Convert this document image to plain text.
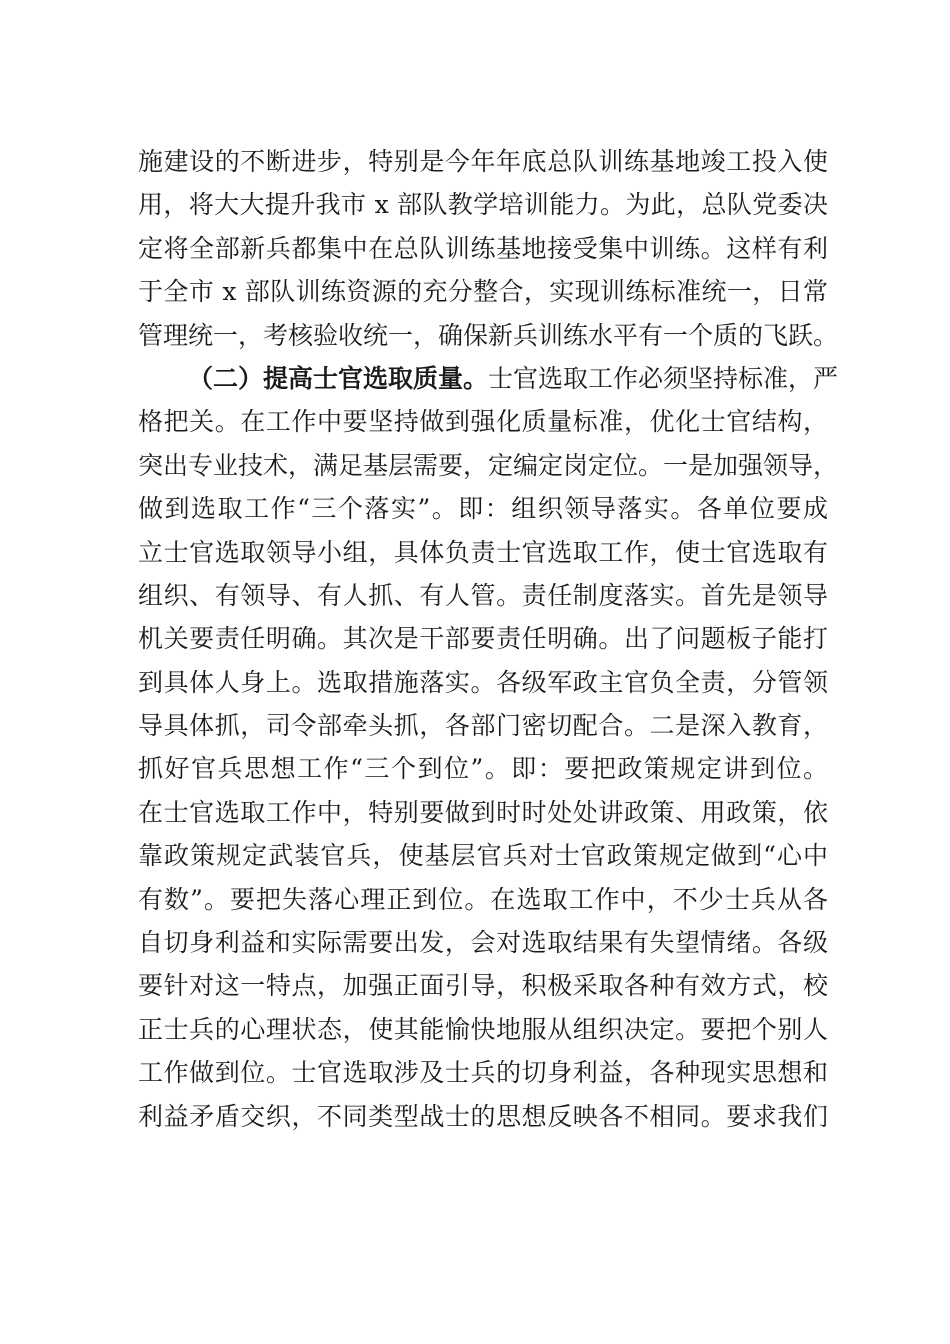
施建设的不断进步，特别是今年年底总队训练基地竣工投入使
用，将大大提升我市 x 部队教学培训能力。为此，总队党委决
定将全部新兵都集中在总队训练基地接受集中训练。这样有利
于全市 x 部队训练资源的充分整合，实现训练标准统一，日常
管理统一，考核验收统一，确保新兵训练水平有一个质的飞跃。
（二）提高士官选取质量。士官选取工作必须坚持标准，严
格把关。在工作中要坚持做到强化质量标准，优化士官结构，
突出专业技术，满足基层需要，定编定岗定位。一是加强领导，
做到选取工作“三个落实”。即：组织领导落实。各单位要成
立士官选取领导小组，具体负责士官选取工作，使士官选取有
组织、有领导、有人抓、有人管。责任制度落实。首先是领导
机关要责任明确。其次是干部要责任明确。出了问题板子能打
到具体人身上。选取措施落实。各级军政主官负全责，分管领
导具体抓，司令部牵头抓，各部门密切配合。二是深入教育，
抓好官兵思想工作“三个到位”。即：要把政策规定讲到位。
在士官选取工作中，特别要做到时时处处讲政策、用政策，依
靠政策规定武装官兵，使基层官兵对士官政策规定做到“心中
有数”。要把失落心理正到位。在选取工作中，不少士兵从各
自切身利益和实际需要出发，会对选取结果有失望情绪。各级
要针对这一特点，加强正面引导，积极采取各种有效方式，校
正士兵的心理状态，使其能愉快地服从组织决定。要把个别人
工作做到位。士官选取涉及士兵的切身利益，各种现实思想和
利益矛盾交织，不同类型战士的思想反映各不相同。要求我们
